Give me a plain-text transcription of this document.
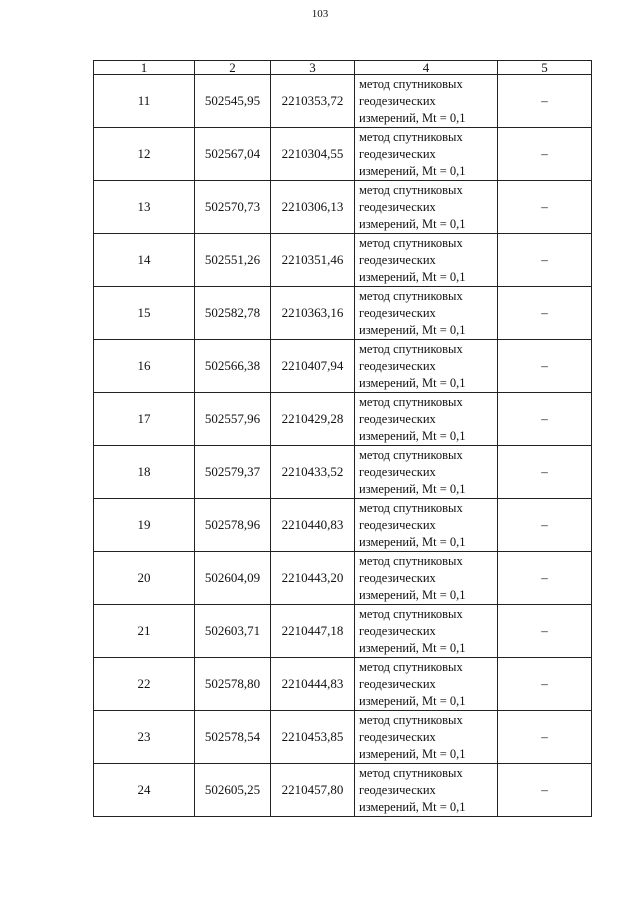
103
1	2	3	4	5
11	502545,95	2210353,72	метод спутниковых
геодезических
измерений, Mt = 0,1	–
12	502567,04	2210304,55	метод спутниковых
геодезических
измерений, Mt = 0,1	–
13	502570,73	2210306,13	метод спутниковых
геодезических
измерений, Mt = 0,1	–
14	502551,26	2210351,46	метод спутниковых
геодезических
измерений, Mt = 0,1	–
15	502582,78	2210363,16	метод спутниковых
геодезических
измерений, Mt = 0,1	–
16	502566,38	2210407,94	метод спутниковых
геодезических
измерений, Mt = 0,1	–
17	502557,96	2210429,28	метод спутниковых
геодезических
измерений, Mt = 0,1	–
18	502579,37	2210433,52	метод спутниковых
геодезических
измерений, Mt = 0,1	–
19	502578,96	2210440,83	метод спутниковых
геодезических
измерений, Mt = 0,1	–
20	502604,09	2210443,20	метод спутниковых
геодезических
измерений, Mt = 0,1	–
21	502603,71	2210447,18	метод спутниковых
геодезических
измерений, Mt = 0,1	–
22	502578,80	2210444,83	метод спутниковых
геодезических
измерений, Mt = 0,1	–
23	502578,54	2210453,85	метод спутниковых
геодезических
измерений, Mt = 0,1	–
24	502605,25	2210457,80	метод спутниковых
геодезических
измерений, Mt = 0,1	–
